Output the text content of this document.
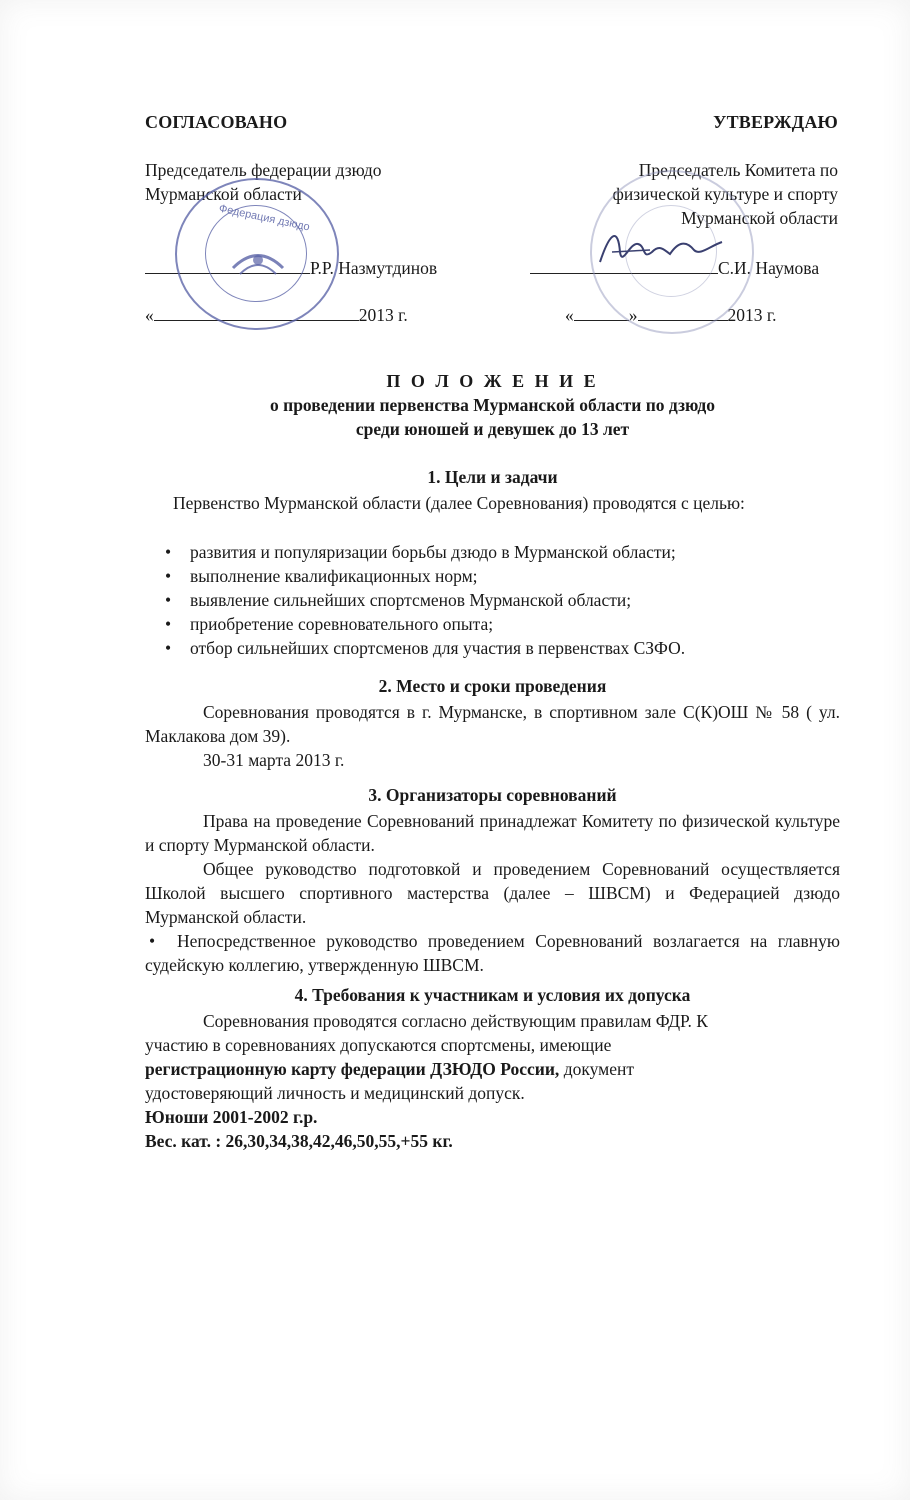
СОГЛАСОВАНО
Председатель федерации дзюдо
Мурманской области
Р.Р. Назмутдинов
«	2013 г.
Федерация дзюдо
УТВЕРЖДАЮ
Председатель Комитета по
физической культуре и спорту
Мурманской области
С.И. Наумова
«	»	2013 г.
П О Л О Ж Е Н И Е
о проведении первенства Мурманской области по дзюдо
среди юношей и девушек до 13 лет
1. Цели и задачи
Первенство Мурманской области (далее Соревнования) проводятся с целью:
• развития и популяризации борьбы дзюдо в Мурманской области;
• выполнение квалификационных норм;
• выявление сильнейших спортсменов Мурманской области;
• приобретение соревновательного опыта;
• отбор сильнейших спортсменов для участия в первенствах СЗФО.
2. Место и сроки проведения
Соревнования проводятся в г. Мурманске, в спортивном зале С(К)ОШ № 58 ( ул. Маклакова дом 39).
30-31 марта 2013 г.
3. Организаторы соревнований
Права на проведение Соревнований принадлежат Комитету по физической культуре и спорту Мурманской области.
Общее руководство подготовкой и проведением Соревнований осуществляется Школой высшего спортивного мастерства (далее – ШВСМ) и Федерацией дзюдо Мурманской области.
• Непосредственное руководство проведением Соревнований возлагается на главную судейскую коллегию, утвержденную ШВСМ.
4. Требования к участникам и условия их допуска
Соревнования проводятся согласно действующим правилам ФДР. К
участию в соревнованиях допускаются спортсмены, имеющие
регистрационную карту федерации ДЗЮДО России, документ
удостоверяющий личность и медицинский допуск.
Юноши 2001-2002 г.р.
Вес. кат. : 26,30,34,38,42,46,50,55,+55 кг.
